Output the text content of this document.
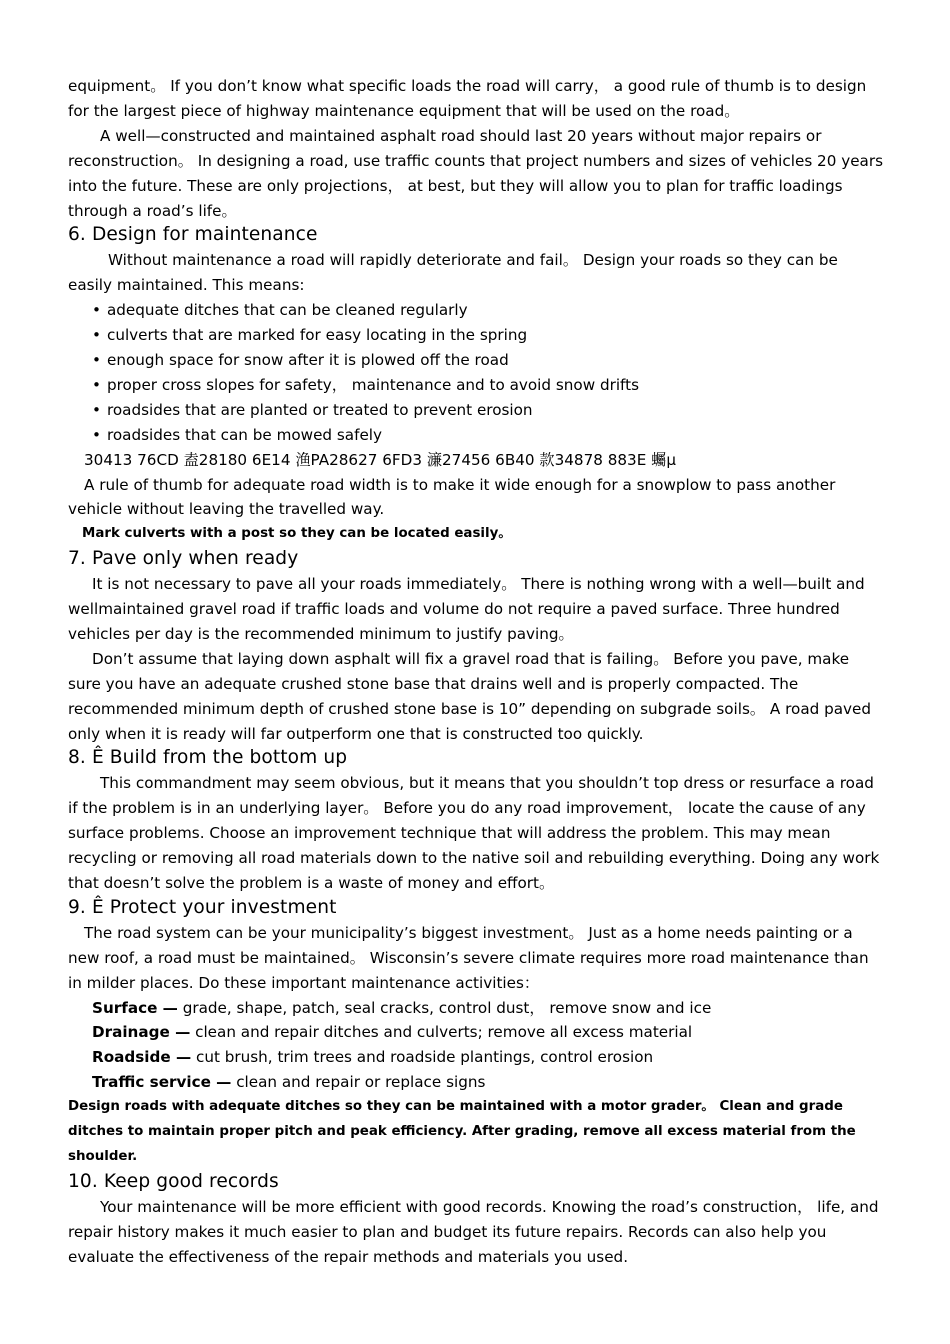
equipment。 If you don’t know what specific loads the road will carry， a good rule of thumb is to design for the largest piece of highway maintenance equipment that will be used on the road。

A well—constructed and maintained asphalt road should last 20 years without major repairs or reconstruction。 In designing a road, use traffic counts that project numbers and sizes of vehicles 20 years into the future. These are only projections， at best, but they will allow you to plan for traffic loadings through a road’s life。

6. Design for maintenance

Without maintenance a road will rapidly deteriorate and fail。 Design your roads so they can be easily maintained. This means:

• adequate ditches that can be cleaned regularly

• culverts that are marked for easy locating in the spring

• enough space for snow after it is plowed off the road

• proper cross slopes for safety， maintenance and to avoid snow drifts

• roadsides that are planted or treated to prevent erosion

• roadsides that can be mowed safely

30413 76CD 盍28180 6E14 渔PA28627 6FD3 濓27456 6B40 款34878 883E 蠾µ

A rule of thumb for adequate road width is to make it wide enough for a snowplow to pass another vehicle without leaving the travelled way.

Mark culverts with a post so they can be located easily。

7. Pave only when ready

It is not necessary to pave all your roads immediately。 There is nothing wrong with a well—built and wellmaintained gravel road if traffic loads and volume do not require a paved surface. Three hundred vehicles per day is the recommended minimum to justify paving。

Don’t assume that laying down asphalt will fix a gravel road that is failing。 Before you pave, make sure you have an adequate crushed stone base that drains well and is properly compacted. The recommended minimum depth of crushed stone base is 10” depending on subgrade soils。 A road paved only when it is ready will far outperform one that is constructed too quickly.

8. Ê Build from the bottom up

This commandment may seem obvious, but it means that you shouldn’t top dress or resurface a road if the problem is in an underlying layer。 Before you do any road improvement， locate the cause of any surface problems. Choose an improvement technique that will address the problem. This may mean recycling or removing all road materials down to the native soil and rebuilding everything. Doing any work that doesn’t solve the problem is a waste of money and effort。

9. Ê Protect your investment

The road system can be your municipality’s biggest investment。 Just as a home needs painting or a new roof, a road must be maintained。 Wisconsin’s severe climate requires more road maintenance than in milder places. Do these important maintenance activities：

Surface — grade, shape, patch, seal cracks, control dust， remove snow and ice

Drainage — clean and repair ditches and culverts; remove all excess material

Roadside — cut brush, trim trees and roadside plantings, control erosion

Traffic service — clean and repair or replace signs

Design roads with adequate ditches so they can be maintained with a motor grader。 Clean and grade ditches to maintain proper pitch and peak efficiency. After grading, remove all excess material from the shoulder.

10. Keep good records

Your maintenance will be more efficient with good records. Knowing the road’s construction， life, and repair history makes it much easier to plan and budget its future repairs. Records can also help you evaluate the effectiveness of the repair methods and materials you used.
